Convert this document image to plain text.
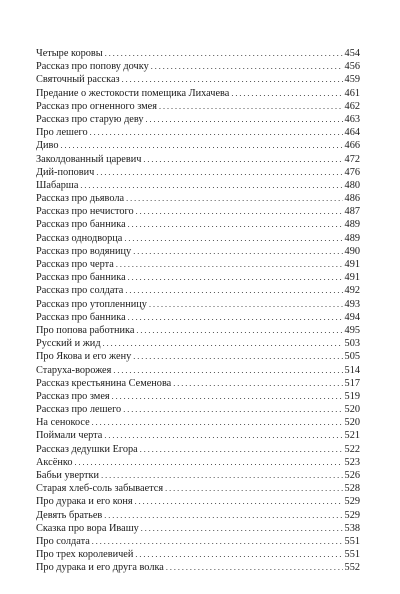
Четыре коровы . . .	454
Рассказ про попову дочку . . .	456
Святочный рассказ . . .	459
Предание о жестокости помещика Лихачева . . .	461
Рассказ про огненного змея . . .	462
Рассказ про старую деву . . .	463
Про лешего . . .	464
Диво . . .	466
Заколдованный царевич . . .	472
Дий-попович . . .	476
Шабарша . . .	480
Рассказ про дьявола . . .	486
Рассказ про нечистого . . .	487
Рассказ про банника . . .	489
Рассказ однодворца . . .	489
Рассказ про водяницу . . .	490
Рассказ про черта . . .	491
Рассказ про банника . . .	491
Рассказ про солдата . . .	492
Рассказ про утопленницу . . .	493
Рассказ про банника . . .	494
Про попова работника . . .	495
Русский и жид . . .	503
Про Якова и его жену . . .	505
Старуха-ворожея . . .	514
Рассказ крестьянина Семенова . . .	517
Рассказ про змея . . .	519
Рассказ про лешего . . .	520
На сенокосе . . .	520
Поймали черта . . .	521
Рассказ дедушки Егора . . .	522
Аксёнко . . .	523
Бабьи увертки . . .	526
Старая хлеб-соль забывается . . .	528
Про дурака и его коня . . .	529
Девять братьев . . .	529
Сказка про вора Ивашу . . .	538
Про солдата . . .	551
Про трех королевичей . . .	551
Про дурака и его друга волка . . .	552
